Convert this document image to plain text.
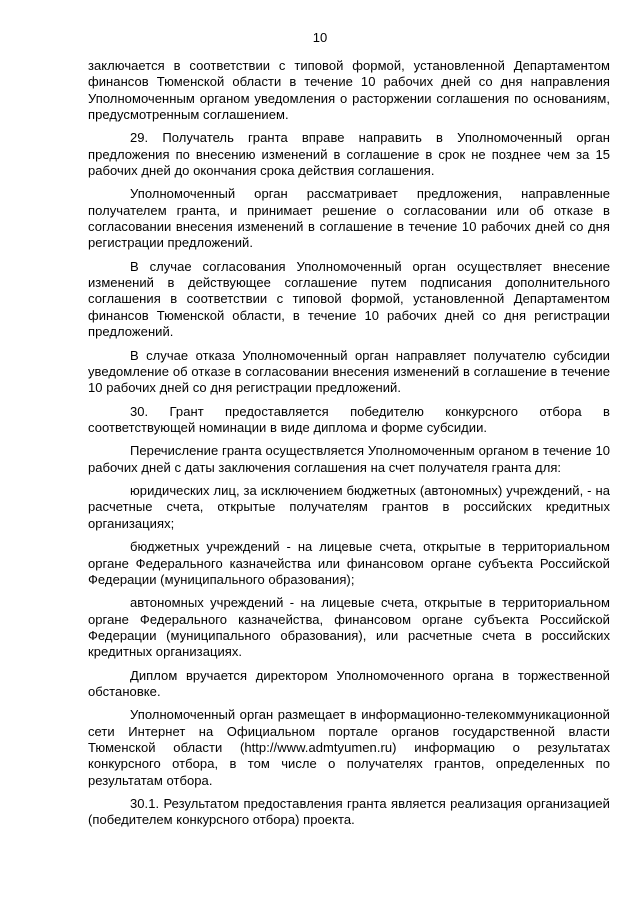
10

заключается в соответствии с типовой формой, установленной Департаментом финансов Тюменской области в течение 10 рабочих дней со дня направления Уполномоченным органом уведомления о расторжении соглашения по основаниям, предусмотренным соглашением.

29. Получатель гранта вправе направить в Уполномоченный орган предложения по внесению изменений в соглашение в срок не позднее чем за 15 рабочих дней до окончания срока действия соглашения.

Уполномоченный орган рассматривает предложения, направленные получателем гранта, и принимает решение о согласовании или об отказе в согласовании внесения изменений в соглашение в течение 10 рабочих дней со дня регистрации предложений.

В случае согласования Уполномоченный орган осуществляет внесение изменений в действующее соглашение путем подписания дополнительного соглашения в соответствии с типовой формой, установленной Департаментом финансов Тюменской области, в течение 10 рабочих дней со дня регистрации предложений.

В случае отказа Уполномоченный орган направляет получателю субсидии уведомление об отказе в согласовании внесения изменений в соглашение в течение 10 рабочих дней со дня регистрации предложений.

30. Грант предоставляется победителю конкурсного отбора в соответствующей номинации в виде диплома и форме субсидии.

Перечисление гранта осуществляется Уполномоченным органом в течение 10 рабочих дней с даты заключения соглашения на счет получателя гранта для:

юридических лиц, за исключением бюджетных (автономных) учреждений, - на расчетные счета, открытые получателям грантов в российских кредитных организациях;

бюджетных учреждений - на лицевые счета, открытые в территориальном органе Федерального казначейства или финансовом органе субъекта Российской Федерации (муниципального образования);

автономных учреждений - на лицевые счета, открытые в территориальном органе Федерального казначейства, финансовом органе субъекта Российской Федерации (муниципального образования), или расчетные счета в российских кредитных организациях.

Диплом вручается директором Уполномоченного органа в торжественной обстановке.

Уполномоченный орган размещает в информационно-телекоммуникационной сети Интернет на Официальном портале органов государственной власти Тюменской области (http://www.admtyumen.ru) информацию о результатах конкурсного отбора, в том числе о получателях грантов, определенных по результатам отбора.

30.1. Результатом предоставления гранта является реализация организацией (победителем конкурсного отбора) проекта.
